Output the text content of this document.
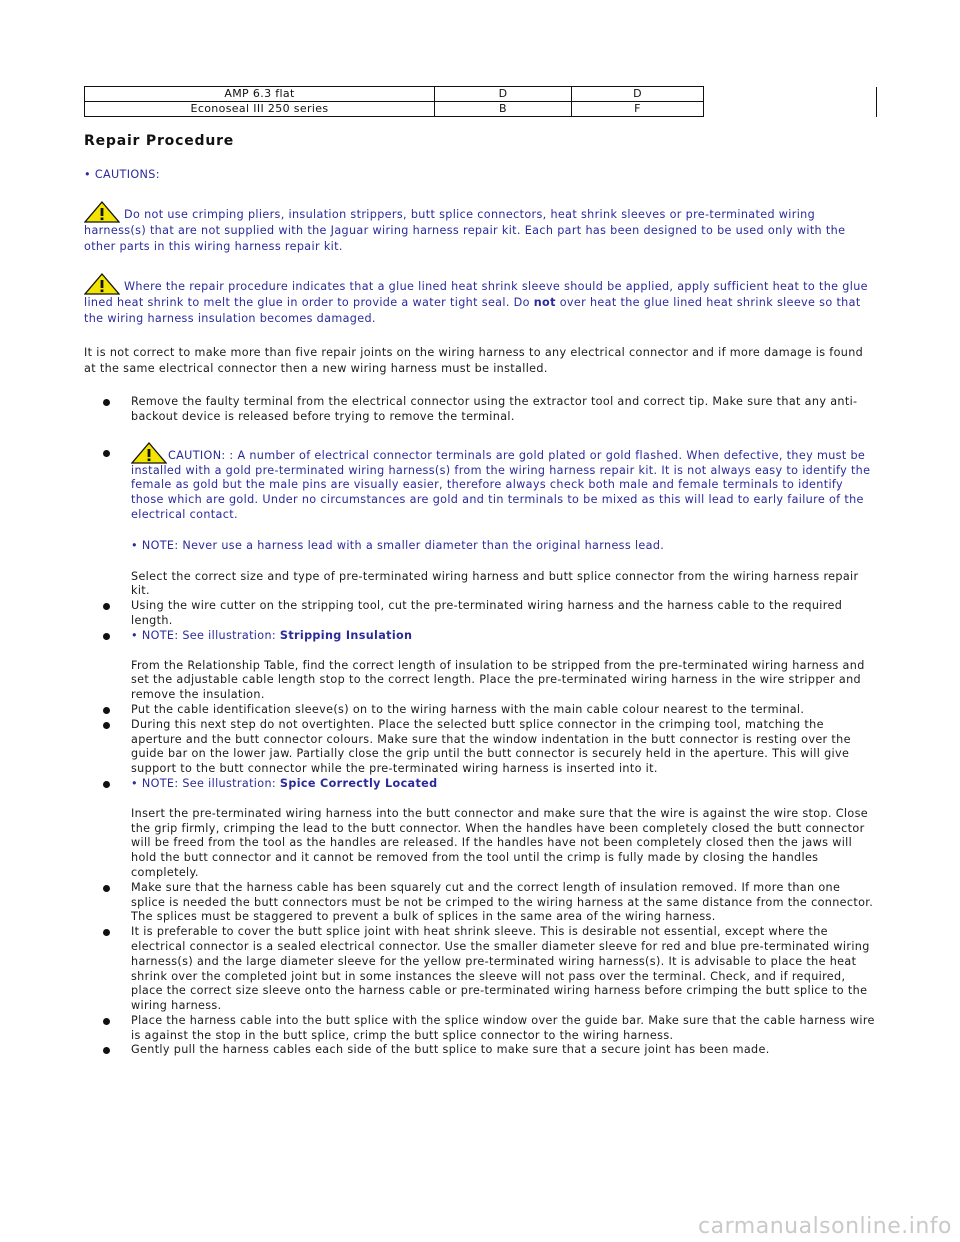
AMP 6.3 flat	D	D	
Econoseal III 250 series	B	F	
Repair Procedure

• CAUTIONS:

Do not use crimping pliers, insulation strippers, butt splice connectors, heat shrink sleeves or pre-terminated wiring harness(s) that are not supplied with the Jaguar wiring harness repair kit. Each part has been designed to be used only with the other parts in this wiring harness repair kit.

Where the repair procedure indicates that a glue lined heat shrink sleeve should be applied, apply sufficient heat to the glue lined heat shrink to melt the glue in order to provide a water tight seal. Do not over heat the glue lined heat shrink sleeve so that the wiring harness insulation becomes damaged.

It is not correct to make more than five repair joints on the wiring harness to any electrical connector and if more damage is found at the same electrical connector then a new wiring harness must be installed.

Remove the faulty terminal from the electrical connector using the extractor tool and correct tip. Make sure that any anti-backout device is released before trying to remove the terminal.
CAUTION: : A number of electrical connector terminals are gold plated or gold flashed. When defective, they must be installed with a gold pre-terminated wiring harness(s) from the wiring harness repair kit. It is not always easy to identify the female as gold but the male pins are visually easier, therefore always check both male and female terminals to identify those which are gold. Under no circumstances are gold and tin terminals to be mixed as this will lead to early failure of the electrical contact.
• NOTE: Never use a harness lead with a smaller diameter than the original harness lead.
Select the correct size and type of pre-terminated wiring harness and butt splice connector from the wiring harness repair kit.
Using the wire cutter on the stripping tool, cut the pre-terminated wiring harness and the harness cable to the required length.
• NOTE: See illustration: Stripping Insulation
From the Relationship Table, find the correct length of insulation to be stripped from the pre-terminated wiring harness and set the adjustable cable length stop to the correct length. Place the pre-terminated wiring harness in the wire stripper and remove the insulation.
Put the cable identification sleeve(s) on to the wiring harness with the main cable colour nearest to the terminal.
During this next step do not overtighten. Place the selected butt splice connector in the crimping tool, matching the aperture and the butt connector colours. Make sure that the window indentation in the butt connector is resting over the guide bar on the lower jaw. Partially close the grip until the butt connector is securely held in the aperture. This will give support to the butt connector while the pre-terminated wiring harness is inserted into it.
• NOTE: See illustration: Spice Correctly Located
Insert the pre-terminated wiring harness into the butt connector and make sure that the wire is against the wire stop. Close the grip firmly, crimping the lead to the butt connector. When the handles have been completely closed the butt connector will be freed from the tool as the handles are released. If the handles have not been completely closed then the jaws will hold the butt connector and it cannot be removed from the tool until the crimp is fully made by closing the handles completely.
Make sure that the harness cable has been squarely cut and the correct length of insulation removed. If more than one splice is needed the butt connectors must be not be crimped to the wiring harness at the same distance from the connector. The splices must be staggered to prevent a bulk of splices in the same area of the wiring harness.
It is preferable to cover the butt splice joint with heat shrink sleeve. This is desirable not essential, except where the electrical connector is a sealed electrical connector. Use the smaller diameter sleeve for red and blue pre-terminated wiring harness(s) and the large diameter sleeve for the yellow pre-terminated wiring harness(s). It is advisable to place the heat shrink over the completed joint but in some instances the sleeve will not pass over the terminal. Check, and if required, place the correct size sleeve onto the harness cable or pre-terminated wiring harness before crimping the butt splice to the wiring harness.
Place the harness cable into the butt splice with the splice window over the guide bar. Make sure that the cable harness wire is against the stop in the butt splice, crimp the butt splice connector to the wiring harness.
Gently pull the harness cables each side of the butt splice to make sure that a secure joint has been made.
carmanualsonline.info
